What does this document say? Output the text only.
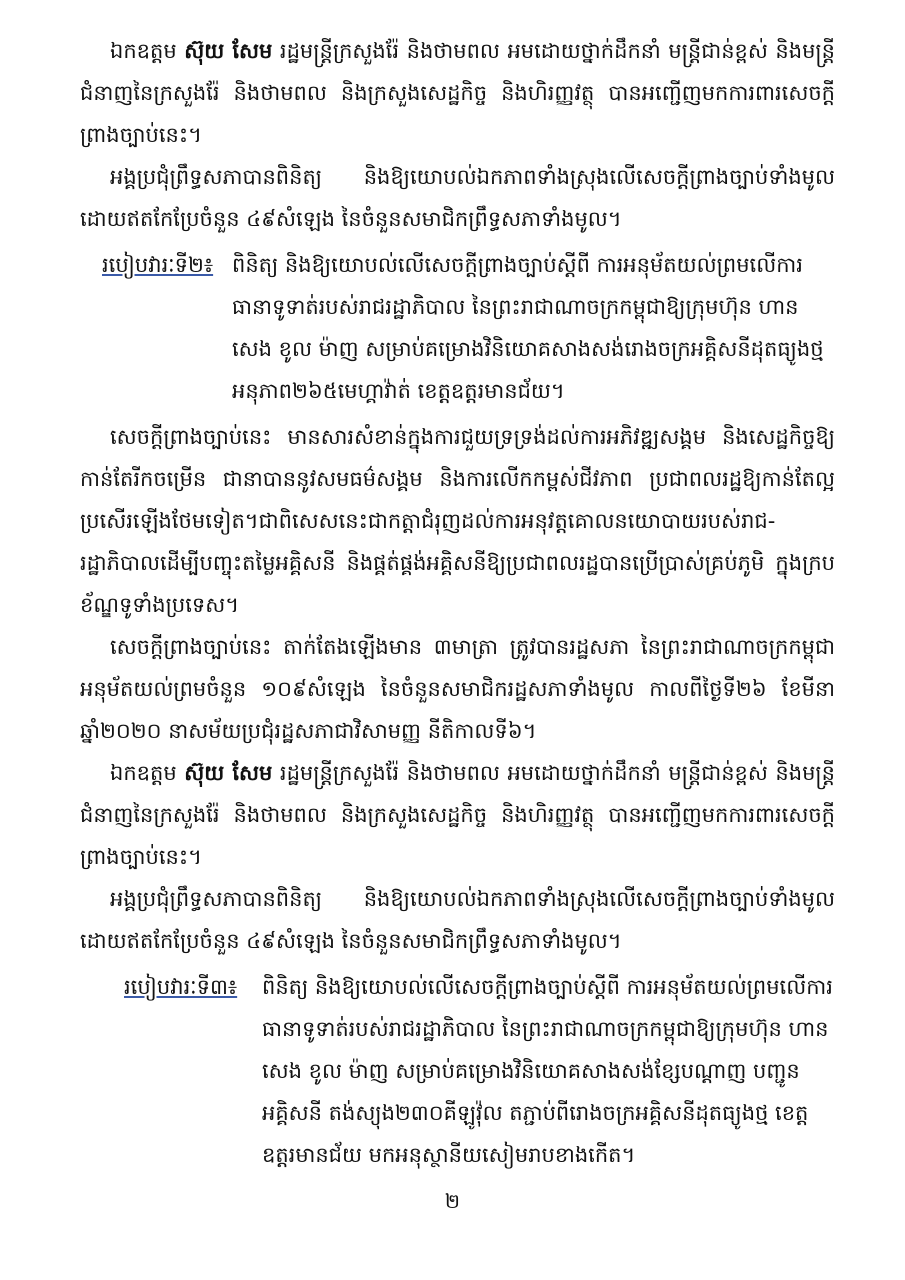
ឯកឧត្តម ស៊ុយ សែម រដ្ឋមន្ត្រីក្រសួងរ៉ែ និងថាមពល អមដោយថ្នាក់ដឹកនាំ មន្ត្រីជាន់ខ្ពស់ និងមន្ត្រីជំនាញនៃក្រសួងរ៉ែ និងថាមពល និងក្រសួងសេដ្ឋកិច្ច និងហិរញ្ញវត្ថុ បានអញ្ជើញមកការពារសេចក្តីព្រាងច្បាប់នេះ។

អង្គប្រជុំព្រឹទ្ធសភាបានពិនិត្យ និងឱ្យយោបល់ឯកភាពទាំងស្រុងលើសេចក្តីព្រាងច្បាប់ទាំងមូល ដោយឥតកែប្រែចំនួន ៤៩សំឡេង នៃចំនួនសមាជិកព្រឹទ្ធសភាទាំងមូល។

របៀបវារៈទី២៖ ពិនិត្យ និងឱ្យយោបល់លើសេចក្តីព្រាងច្បាប់ស្តីពី ការអនុម័តយល់ព្រមលើការ ធានាទូទាត់របស់រាជរដ្ឋាភិបាល នៃព្រះរាជាណាចក្រកម្ពុជាឱ្យក្រុមហ៊ុន ហាន សេង ខូល ម៉ាញ សម្រាប់គម្រោងវិនិយោគសាងសង់រោងចក្រអគ្គិសនីដុតធ្យូងថ្ម អនុភាព២៦៥មេហ្គាវ៉ាត់ ខេត្តឧត្តរមានជ័យ។

សេចក្តីព្រាងច្បាប់នេះ មានសារសំខាន់ក្នុងការជួយទ្រទ្រង់ដល់ការអភិវឌ្ឍសង្គម និងសេដ្ឋកិច្ចឱ្យកាន់តែរីកចម្រើន ជានាបាននូវសមធម៌សង្គម និងការលើកកម្ពស់ជីវភាព ប្រជាពលរដ្ឋឱ្យកាន់តែល្អប្រសើរឡើងថែមទៀត។ជាពិសេសនេះជាកត្តាជំរុញដល់ការអនុវត្តគោលនយោបាយរបស់រាជ-រដ្ឋាភិបាលដើម្បីបញ្ចុះតម្លៃអគ្គិសនី និងផ្គត់ផ្គង់អគ្គិសនីឱ្យប្រជាពលរដ្ឋបានប្រើប្រាស់គ្រប់ភូមិ ក្នុងក្របខ័ណ្ឌទូទាំងប្រទេស។

សេចក្តីព្រាងច្បាប់នេះ តាក់តែងឡើងមាន ៣មាត្រា ត្រូវបានរដ្ឋសភា នៃព្រះរាជាណាចក្រកម្ពុជា អនុម័តយល់ព្រមចំនួន ១០៩សំឡេង នៃចំនួនសមាជិករដ្ឋសភាទាំងមូល កាលពីថ្ងៃទី២៦ ខែមីនា ឆ្នាំ២០២០ នាសម័យប្រជុំរដ្ឋសភាជាវិសាមញ្ញ នីតិកាលទី៦។

ឯកឧត្តម ស៊ុយ សែម រដ្ឋមន្ត្រីក្រសួងរ៉ែ និងថាមពល អមដោយថ្នាក់ដឹកនាំ មន្ត្រីជាន់ខ្ពស់ និងមន្ត្រីជំនាញនៃក្រសួងរ៉ែ និងថាមពល និងក្រសួងសេដ្ឋកិច្ច និងហិរញ្ញវត្ថុ បានអញ្ជើញមកការពារសេចក្តីព្រាងច្បាប់នេះ។

អង្គប្រជុំព្រឹទ្ធសភាបានពិនិត្យ និងឱ្យយោបល់ឯកភាពទាំងស្រុងលើសេចក្តីព្រាងច្បាប់ទាំងមូល ដោយឥតកែប្រែចំនួន ៤៩សំឡេង នៃចំនួនសមាជិកព្រឹទ្ធសភាទាំងមូល។

របៀបវារៈទី៣៖	ពិនិត្យ និងឱ្យយោបល់លើសេចក្តីព្រាងច្បាប់ស្តីពី ការអនុម័តយល់ព្រមលើការ ធានាទូទាត់របស់រាជរដ្ឋាភិបាល នៃព្រះរាជាណាចក្រកម្ពុជាឱ្យក្រុមហ៊ុន ហាន សេង ខូល ម៉ាញ សម្រាប់គម្រោងវិនិយោគសាងសង់ខ្សែបណ្តាញ បញ្ជូនអគ្គិសនី តង់ស្យុង២៣០គីឡូវ៉ុល តភ្ជាប់ពីរោងចក្រអគ្គិសនីដុតធ្យូងថ្ម ខេត្តឧត្តរមានជ័យ មកអនុស្ថានីយសៀមរាបខាងកើត។
២
